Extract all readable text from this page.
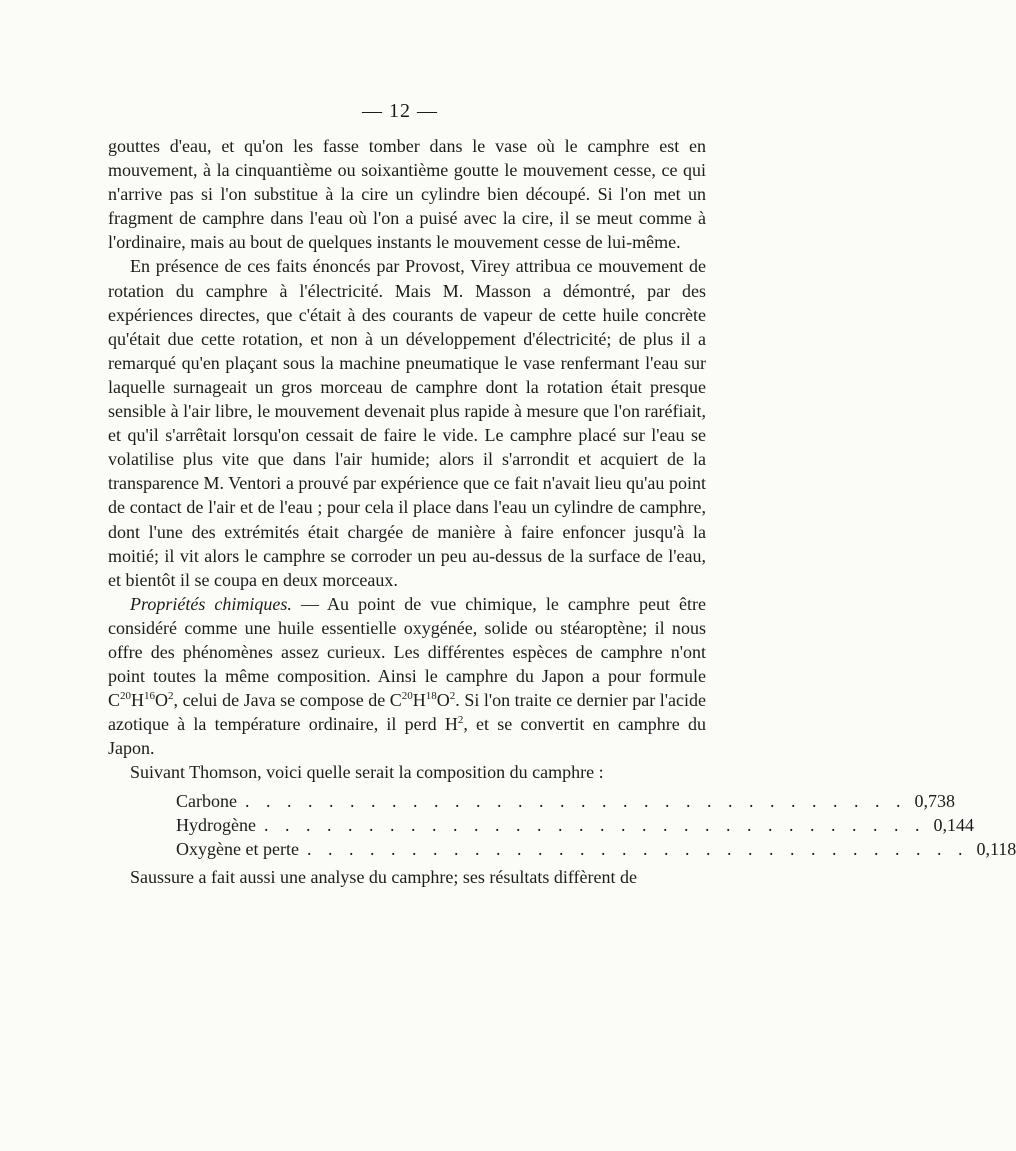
— 12 —

gouttes d'eau, et qu'on les fasse tomber dans le vase où le camphre est en mouvement, à la cinquantième ou soixantième goutte le mouvement cesse, ce qui n'arrive pas si l'on substitue à la cire un cylindre bien découpé. Si l'on met un fragment de camphre dans l'eau où l'on a puisé avec la cire, il se meut comme à l'ordinaire, mais au bout de quelques instants le mouvement cesse de lui-même.

En présence de ces faits énoncés par Provost, Virey attribua ce mouvement de rotation du camphre à l'électricité. Mais M. Masson a démontré, par des expériences directes, que c'était à des courants de vapeur de cette huile concrète qu'était due cette rotation, et non à un développement d'électricité; de plus il a remarqué qu'en plaçant sous la machine pneumatique le vase renfermant l'eau sur laquelle surnageait un gros morceau de camphre dont la rotation était presque sensible à l'air libre, le mouvement devenait plus rapide à mesure que l'on raréfiait, et qu'il s'arrêtait lorsqu'on cessait de faire le vide. Le camphre placé sur l'eau se volatilise plus vite que dans l'air humide; alors il s'arrondit et acquiert de la transparence M. Ventori a prouvé par expérience que ce fait n'avait lieu qu'au point de contact de l'air et de l'eau ; pour cela il place dans l'eau un cylindre de camphre, dont l'une des extrémités était chargée de manière à faire enfoncer jusqu'à la moitié; il vit alors le camphre se corroder un peu au-dessus de la surface de l'eau, et bientôt il se coupa en deux morceaux.

Propriétés chimiques. — Au point de vue chimique, le camphre peut être considéré comme une huile essentielle oxygénée, solide ou stéaroptène; il nous offre des phénomènes assez curieux. Les différentes espèces de camphre n'ont point toutes la même composition. Ainsi le camphre du Japon a pour formule $C^{20}H^{16}O^2$, celui de Java se compose de $C^{20}H^{18}O^2$. Si l'on traite ce dernier par l'acide azotique à la température ordinaire, il perd $H^2$, et se convertit en camphre du Japon.

Suivant Thomson, voici quelle serait la composition du camphre :

Carbone . . . . . . . . . . . . . . . . . . . . . . . . . . . . . . . . 0,738
Hydrogène . . . . . . . . . . . . . . . . . . . . . . . . . . . . . . . . 0,144
Oxygène et perte . . . . . . . . . . . . . . . . . . . . . . . . . . . . . . . . 0,118

Saussure a fait aussi une analyse du camphre; ses résultats diffèrent de
